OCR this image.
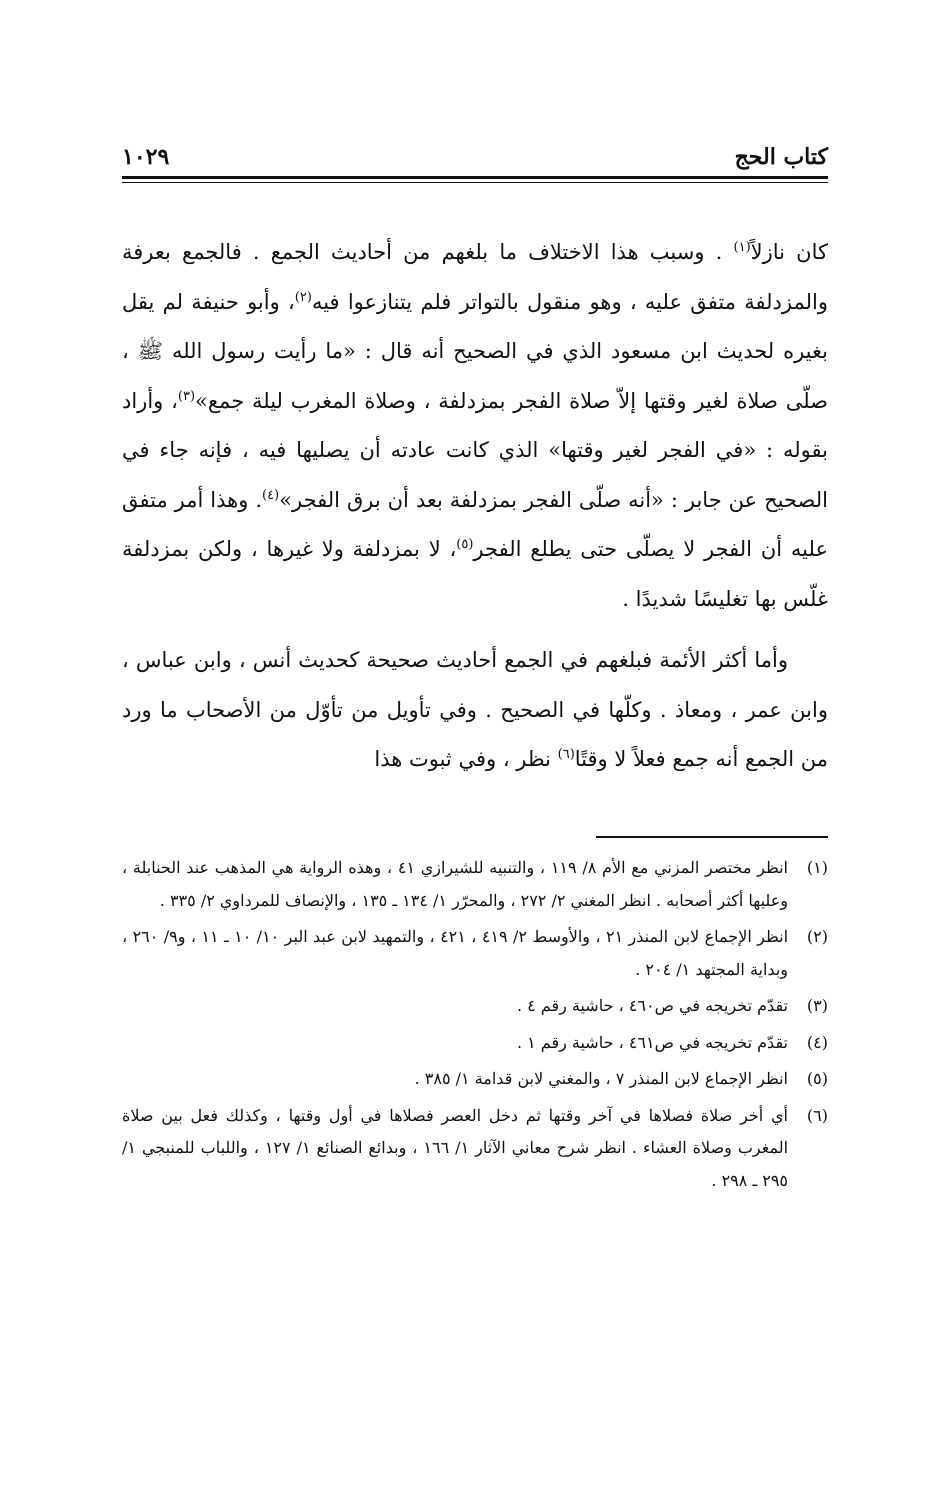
كتاب الحج
١٠٢٩

كان نازلاً$^{(١)}$ . وسبب هذا الاختلاف ما بلغهم من أحاديث الجمع . فالجمع بعرفة والمزدلفة متفق عليه ، وهو منقول بالتواتر فلم يتنازعوا فيه$^{(٢)}$، وأبو حنيفة لم يقل بغيره لحديث ابن مسعود الذي في الصحيح أنه قال : «ما رأيت رسول الله ﷺ ، صلّى صلاة لغير وقتها إلاّ صلاة الفجر بمزدلفة ، وصلاة المغرب ليلة جمع»$^{(٣)}$، وأراد بقوله : «في الفجر لغير وقتها» الذي كانت عادته أن يصليها فيه ، فإنه جاء في الصحيح عن جابر : «أنه صلّى الفجر بمزدلفة بعد أن برق الفجر»$^{(٤)}$. وهذا أمر متفق عليه أن الفجر لا يصلّى حتى يطلع الفجر$^{(٥)}$، لا بمزدلفة ولا غيرها ، ولكن بمزدلفة غلّس بها تغليسًا شديدًا .

وأما أكثر الأئمة فبلغهم في الجمع أحاديث صحيحة كحديث أنس ، وابن عباس ، وابن عمر ، ومعاذ . وكلّها في الصحيح . وفي تأويل من تأوّل من الأصحاب ما ورد من الجمع أنه جمع فعلاً لا وقتًا$^{(٦)}$ نظر ، وفي ثبوت هذا

(١)
انظر مختصر المزني مع الأم ٨/ ١١٩ ، والتنبيه للشيرازي ٤١ ، وهذه الرواية هي المذهب عند الحنابلة ، وعليها أكثر أصحابه . انظر المغني ٢/ ٢٧٢ ، والمحرّر ١/ ١٣٤ ـ ١٣٥ ، والإنصاف للمرداوي ٢/ ٣٣٥ .
(٢)
انظر الإجماع لابن المنذر ٢١ ، والأوسط ٢/ ٤١٩ ، ٤٢١ ، والتمهيد لابن عبد البر ١٠/ ١٠ ـ ١١ ، و٩/ ٢٦٠ ، وبداية المجتهد ١/ ٢٠٤ .
(٣)
تقدّم تخريجه في ص٤٦٠ ، حاشية رقم ٤ .
(٤)
تقدّم تخريجه في ص٤٦١ ، حاشية رقم ١ .
(٥)
انظر الإجماع لابن المنذر ٧ ، والمغني لابن قدامة ١/ ٣٨٥ .
(٦)
أي أخر صلاة فصلاها في آخر وقتها ثم دخل العصر فصلاها في أول وقتها ، وكذلك فعل بين صلاة المغرب وصلاة العشاء . انظر شرح معاني الآثار ١/ ١٦٦ ، وبدائع الصنائع ١/ ١٢٧ ، واللباب للمنبجي ١/ ٢٩٥ ـ ٢٩٨ .
